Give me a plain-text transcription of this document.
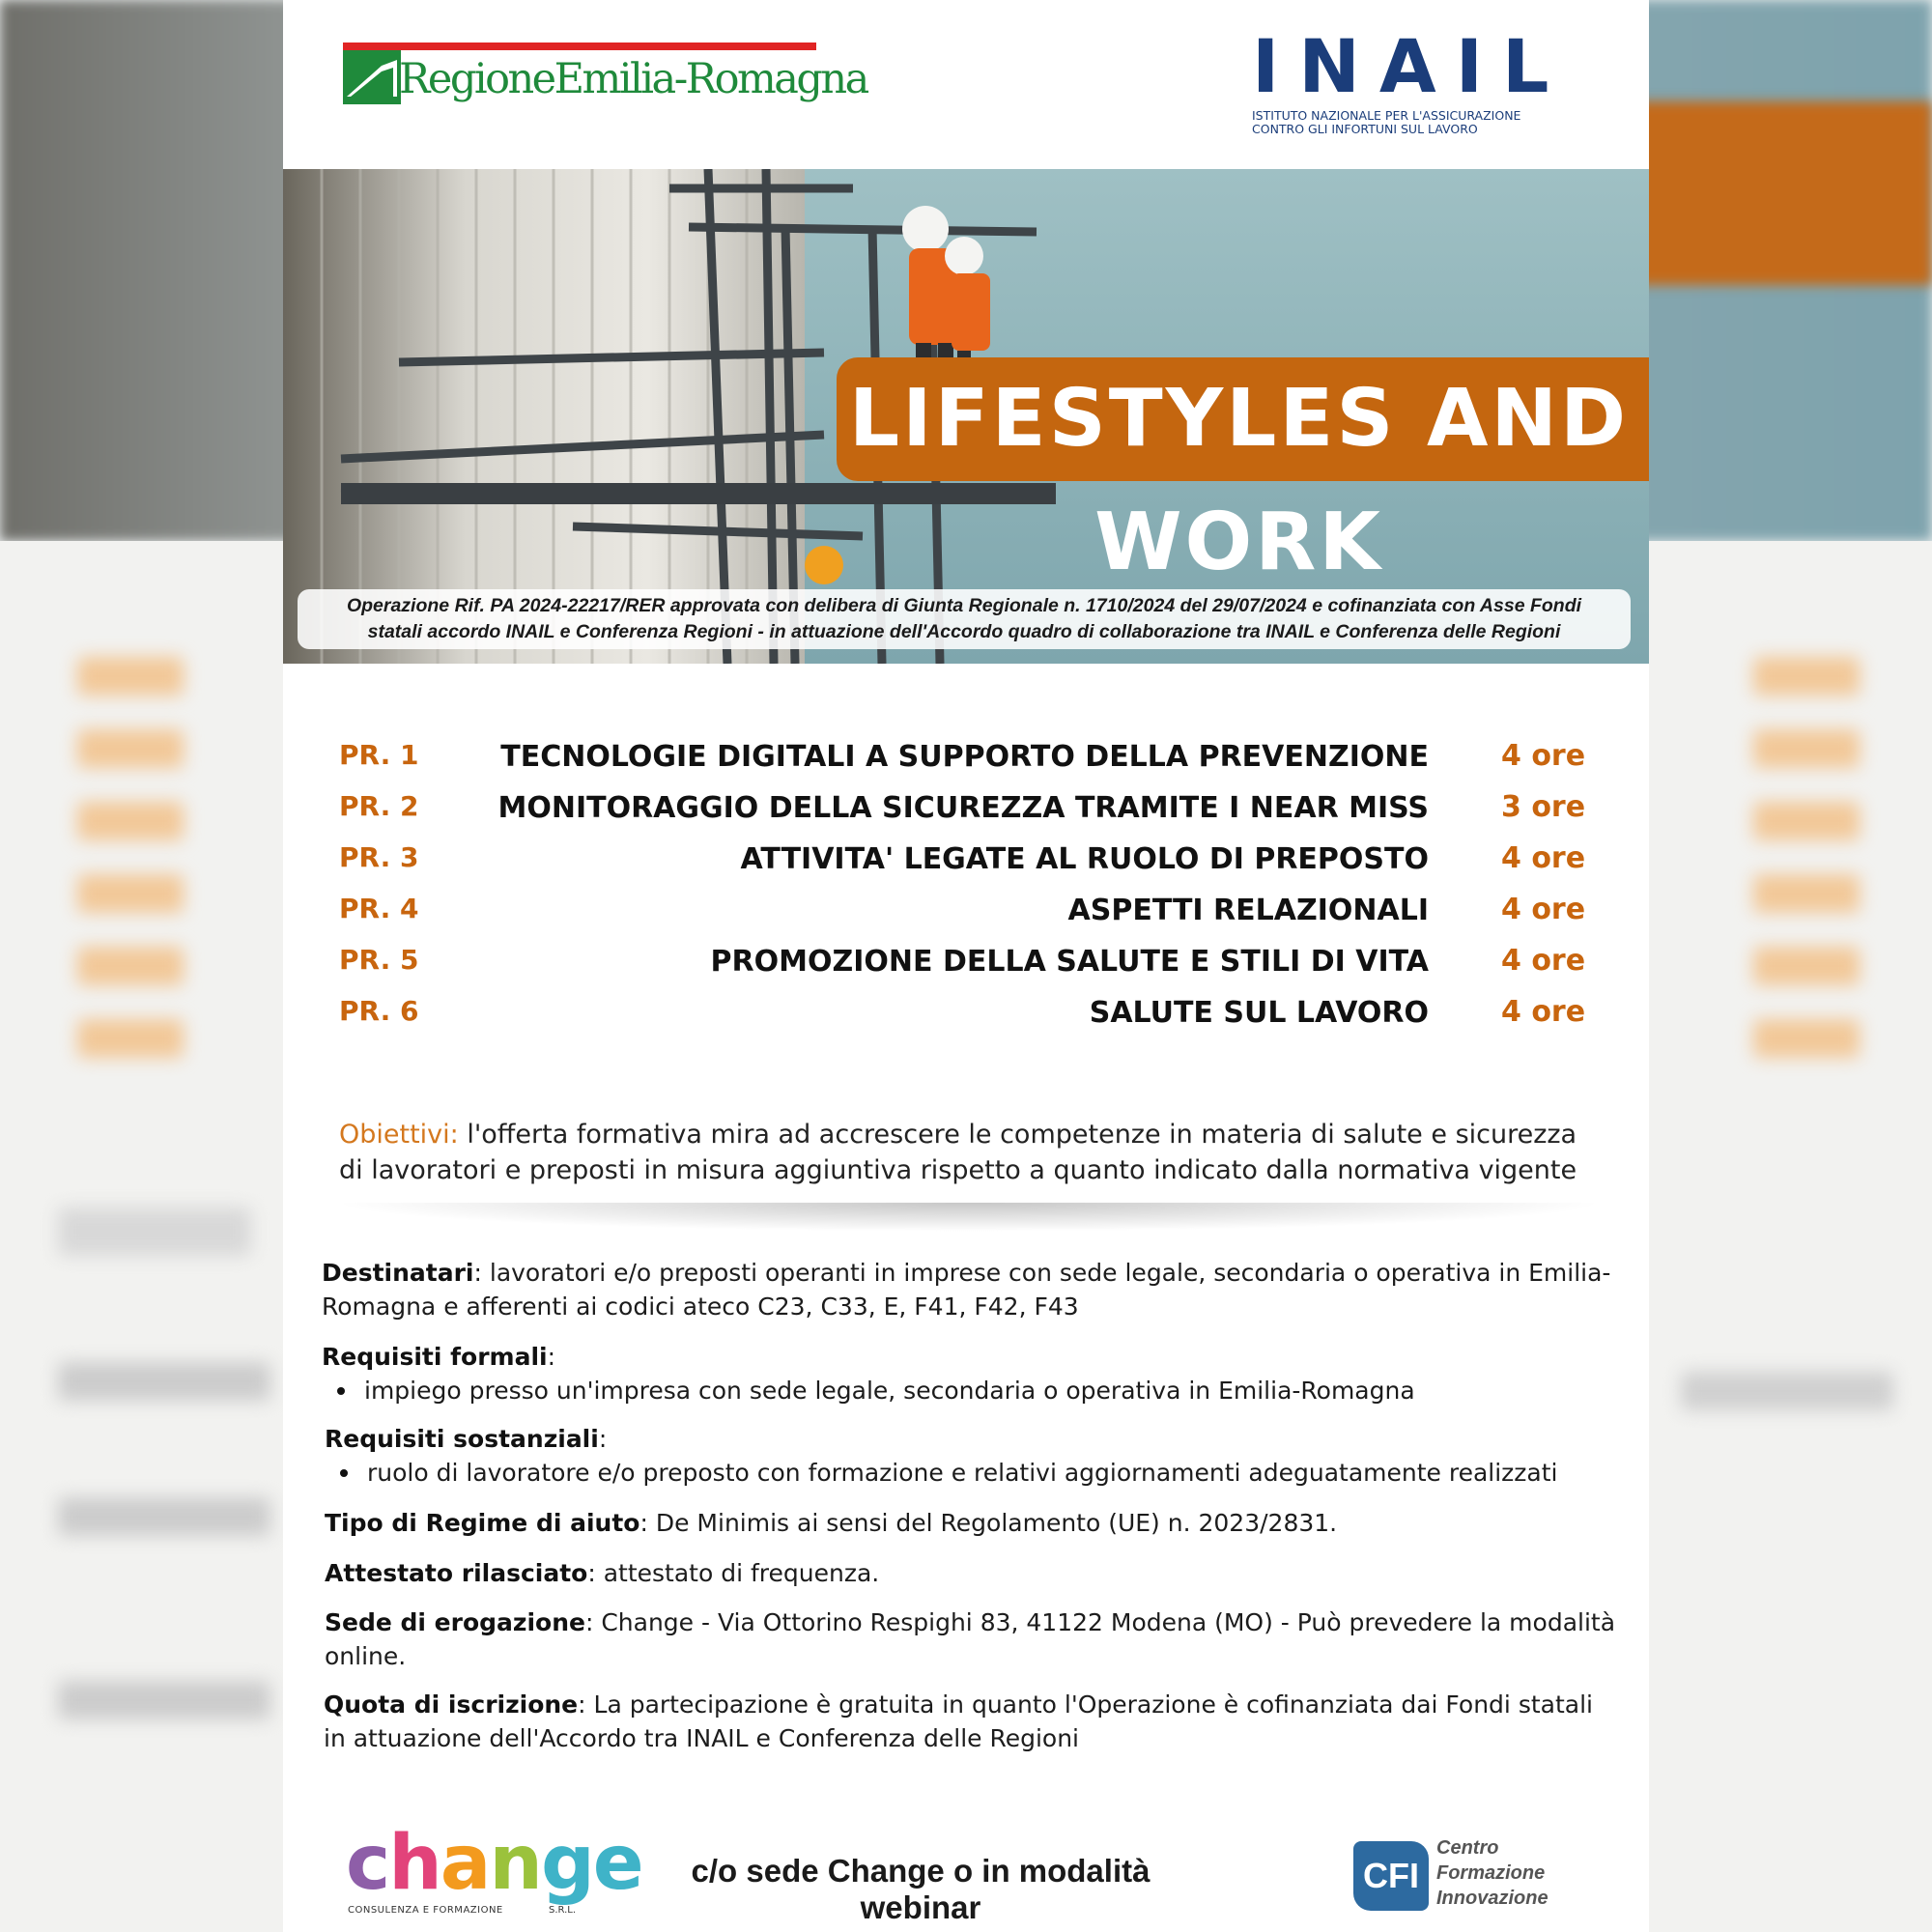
RegioneEmilia-Romagna	INAIL
ISTITUTO NAZIONALE PER L'ASSICURAZIONE
CONTRO GLI INFORTUNI SUL LAVORO
LIFESTYLES AND WORK
Operazione Rif. PA 2024-22217/RER approvata con delibera di Giunta Regionale n. 1710/2024 del 29/07/2024 e cofinanziata con Asse Fondi
statali accordo INAIL e Conferenza Regioni - in attuazione dell'Accordo quadro di collaborazione tra INAIL e Conferenza delle Regioni
PR. 1	TECNOLOGIE DIGITALI A SUPPORTO DELLA PREVENZIONE	4 ore
PR. 2	MONITORAGGIO DELLA SICUREZZA TRAMITE I NEAR MISS	3 ore
PR. 3	ATTIVITA' LEGATE AL RUOLO DI PREPOSTO	4 ore
PR. 4	ASPETTI RELAZIONALI	4 ore
PR. 5	PROMOZIONE DELLA SALUTE E STILI DI VITA	4 ore
PR. 6	SALUTE SUL LAVORO	4 ore
Obiettivi: l'offerta formativa mira ad accrescere le competenze in materia di salute e sicurezza di lavoratori e preposti in misura aggiuntiva rispetto a quanto indicato dalla normativa vigente
Destinatari: lavoratori e/o preposti operanti in imprese con sede legale, secondaria o operativa in Emilia-Romagna e afferenti ai codici ateco C23, C33, E, F41, F42, F43
Requisiti formali:
impiego presso un'impresa con sede legale, secondaria o operativa in Emilia-Romagna
Requisiti sostanziali:
ruolo di lavoratore e/o preposto con formazione e relativi aggiornamenti adeguatamente realizzati
Tipo di Regime di aiuto: De Minimis ai sensi del Regolamento (UE) n. 2023/2831.
Attestato rilasciato: attestato di frequenza.
Sede di erogazione: Change - Via Ottorino Respighi 83, 41122 Modena (MO) - Può prevedere la modalità online.
Quota di iscrizione: La partecipazione è gratuita in quanto l'Operazione è cofinanziata dai Fondi statali in attuazione dell'Accordo tra INAIL e Conferenza delle Regioni
change
CONSULENZA E FORMAZIONE	S.R.L.
c/o sede Change o in modalità webinar
CFI
Centro
Formazione
Innovazione
